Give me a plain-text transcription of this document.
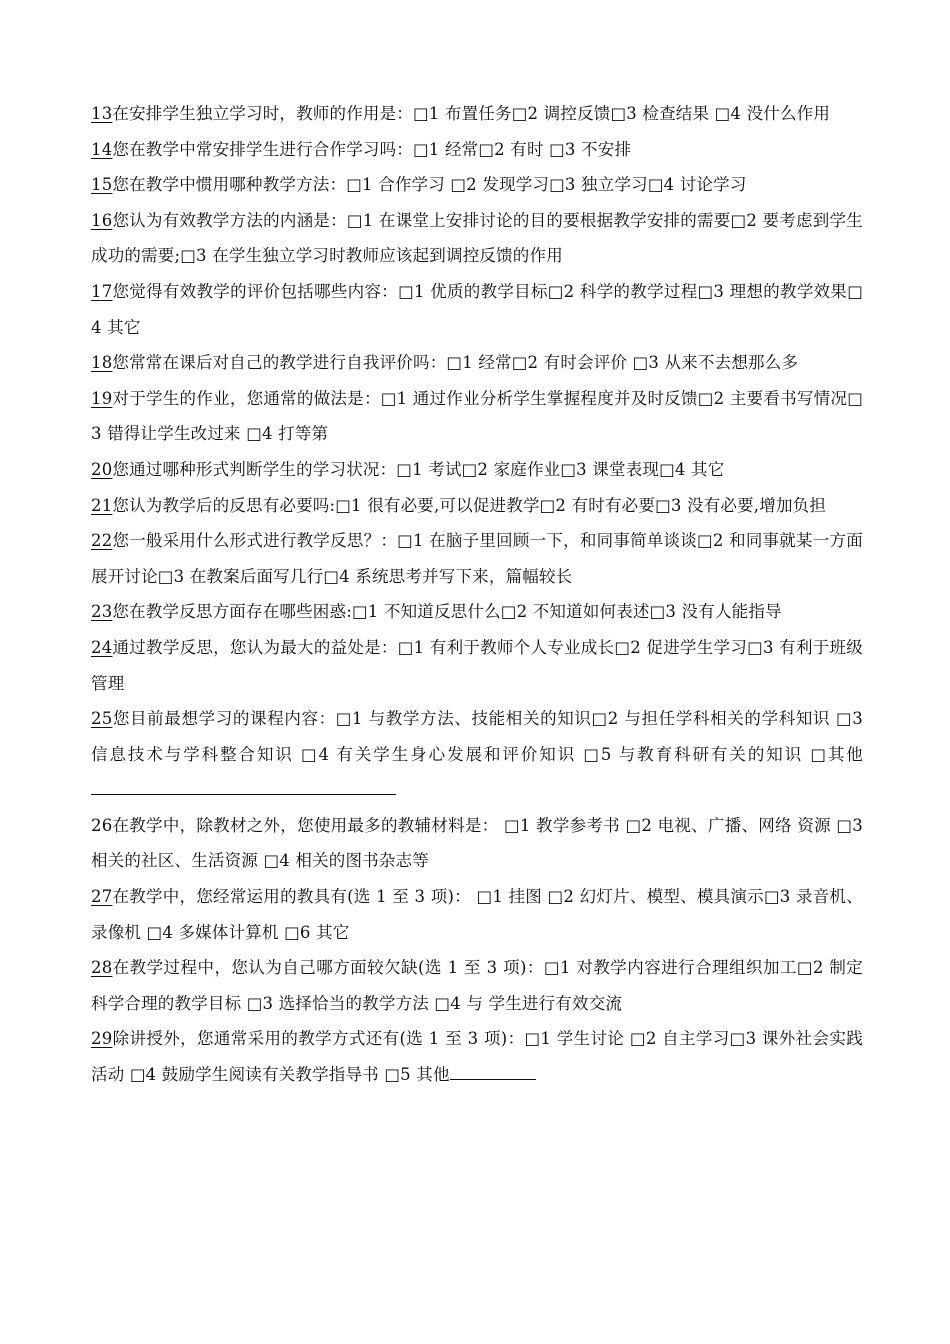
13在安排学生独立学习时，教师的作用是：□1 布置任务□2 调控反馈□3 检查结果 □4 没什么作用

14您在教学中常安排学生进行合作学习吗：□1 经常□2 有时 □3 不安排

15您在教学中惯用哪种教学方法：□1 合作学习 □2 发现学习□3 独立学习□4 讨论学习

16您认为有效教学方法的内涵是：□1 在课堂上安排讨论的目的要根据教学安排的需要□2 要考虑到学生成功的需要;□3 在学生独立学习时教师应该起到调控反馈的作用

17您觉得有效教学的评价包括哪些内容：□1 优质的教学目标□2 科学的教学过程□3 理想的教学效果□4 其它

18您常常在课后对自己的教学进行自我评价吗：□1 经常□2 有时会评价 □3 从来不去想那么多

19对于学生的作业，您通常的做法是：□1 通过作业分析学生掌握程度并及时反馈□2 主要看书写情况□3 错得让学生改过来 □4 打等第

20您通过哪种形式判断学生的学习状况：□1 考试□2 家庭作业□3 课堂表现□4 其它

21您认为教学后的反思有必要吗:□1 很有必要,可以促进教学□2 有时有必要□3 没有必要,增加负担

22您一般采用什么形式进行教学反思？：□1 在脑子里回顾一下，和同事简单谈谈□2 和同事就某一方面展开讨论□3 在教案后面写几行□4 系统思考并写下来，篇幅较长

23您在教学反思方面存在哪些困惑:□1 不知道反思什么□2 不知道如何表述□3 没有人能指导

24通过教学反思，您认为最大的益处是：□1 有利于教师个人专业成长□2 促进学生学习□3 有利于班级管理

25您目前最想学习的课程内容：□1 与教学方法、技能相关的知识□2 与担任学科相关的学科知识 □3 信息技术与学科整合知识 □4 有关学生身心发展和评价知识 □5 与教育科研有关的知识 □其他

26在教学中，除教材之外，您使用最多的教辅材料是： □1 教学参考书 □2 电视、广播、网络 资源 □3 相关的社区、生活资源 □4 相关的图书杂志等

27在教学中，您经常运用的教具有(选 1 至 3 项)： □1 挂图 □2 幻灯片、模型、模具演示□3 录音机、录像机 □4 多媒体计算机 □6 其它

28在教学过程中，您认为自己哪方面较欠缺(选 1 至 3 项)：□1 对教学内容进行合理组织加工□2 制定科学合理的教学目标 □3 选择恰当的教学方法 □4 与 学生进行有效交流

29除讲授外，您通常采用的教学方式还有(选 1 至 3 项)：□1 学生讨论 □2 自主学习□3 课外社会实践活动 □4 鼓励学生阅读有关教学指导书 □5 其他
